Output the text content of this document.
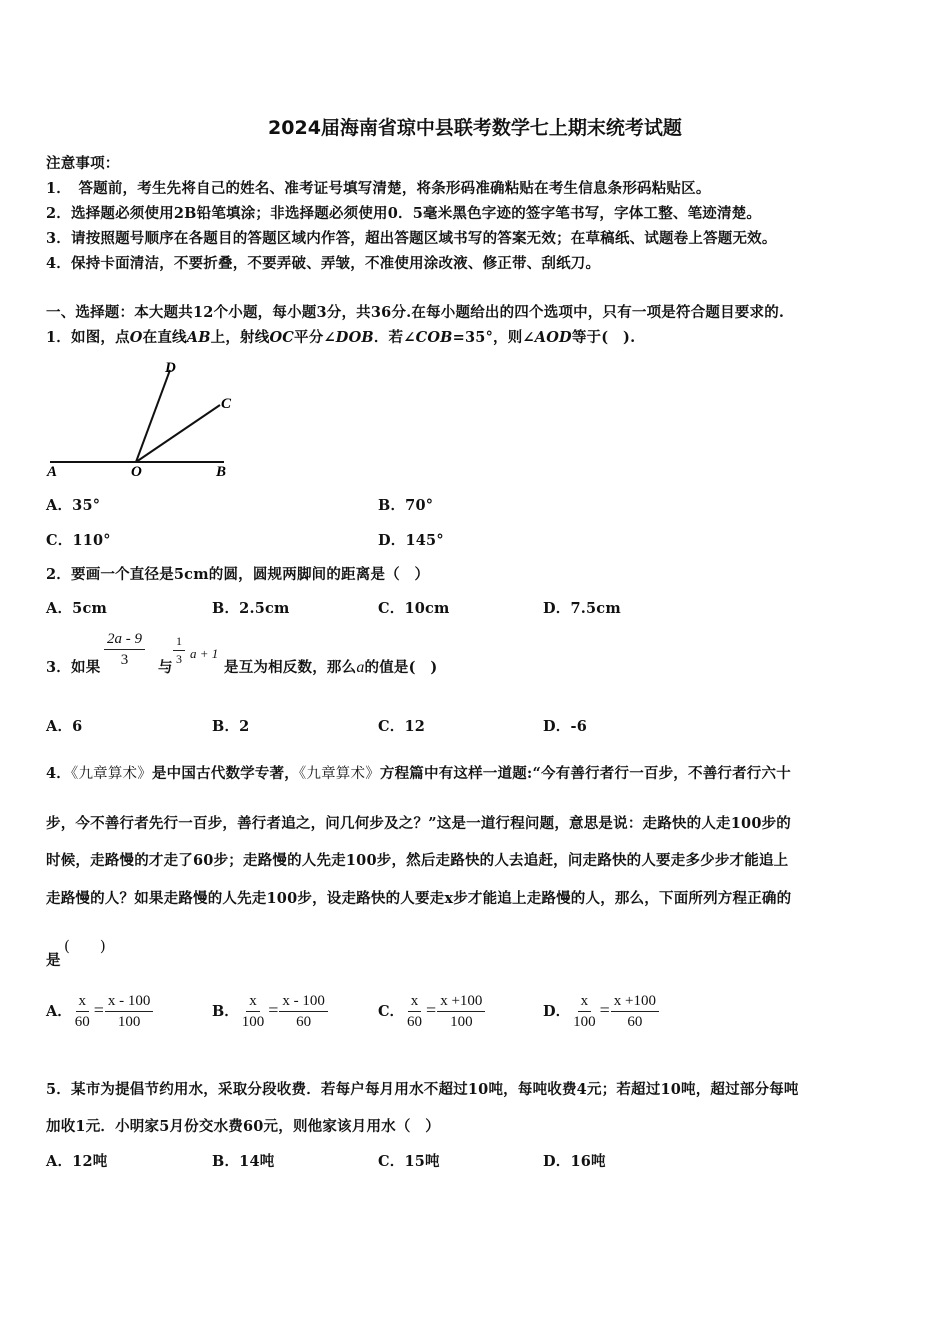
2024届海南省琼中县联考数学七上期末统考试题
注意事项：
1．　答题前，考生先将自己的姓名、准考证号填写清楚，将条形码准确粘贴在考生信息条形码粘贴区。
2．选择题必须使用2B铅笔填涂；非选择题必须使用0．5毫米黑色字迹的签字笔书写，字体工整、笔迹清楚。
3．请按照题号顺序在各题目的答题区域内作答，超出答题区域书写的答案无效；在草稿纸、试题卷上答题无效。
4．保持卡面清洁，不要折叠，不要弄破、弄皱，不准使用涂改液、修正带、刮纸刀。
一、选择题：本大题共12个小题，每小题3分，共36分.在每小题给出的四个选项中，只有一项是符合题目要求的.
1．如图，点O在直线AB上，射线OC平分∠DOB．若∠COB=35°，则∠AOD等于(　).
A	O	B
C
D
A．35°	B．70°
C．110°	D．145°
2．要画一个直径是5cm的圆，圆规两脚间的距离是（　）
A．5cm	B．2.5cm	C．10cm	D．7.5cm
3．如果 $\frac{2a - 9}{3}$ 与
$\frac{1}{3}$ a + 1
是互为相反数，那么a的值是(　)
A．6	B．2	C．12	D．-6
4．《九章算术》是中国古代数学专著，《九章算术》方程篇中有这样一道题:“今有善行者行一百步，不善行者行六十
步，今不善行者先行一百步，善行者追之，问几何步及之？”这是一道行程问题，意思是说：走路快的人走100步的
时候，走路慢的才走了60步；走路慢的人先走100步，然后走路快的人去追赶，问走路快的人要走多少步才能追上
走路慢的人？如果走路慢的人先走100步，设走路快的人要走x步才能追上走路慢的人，那么，下面所列方程正确的
是
(　　)
A． $\frac{x}{60} = \frac{x - 100}{100}$	B． $\frac{x}{100} = \frac{x - 100}{60}$	C． $\frac{x}{60} = \frac{x +100}{100}$	D． $\frac{x}{100} = \frac{x +100}{60}$
5．某市为提倡节约用水，采取分段收费．若每户每月用水不超过10吨，每吨收费4元；若超过10吨，超过部分每吨
加收1元．小明家5月份交水费60元，则他家该月用水（　）
A．12吨	B．14吨	C．15吨	D．16吨
